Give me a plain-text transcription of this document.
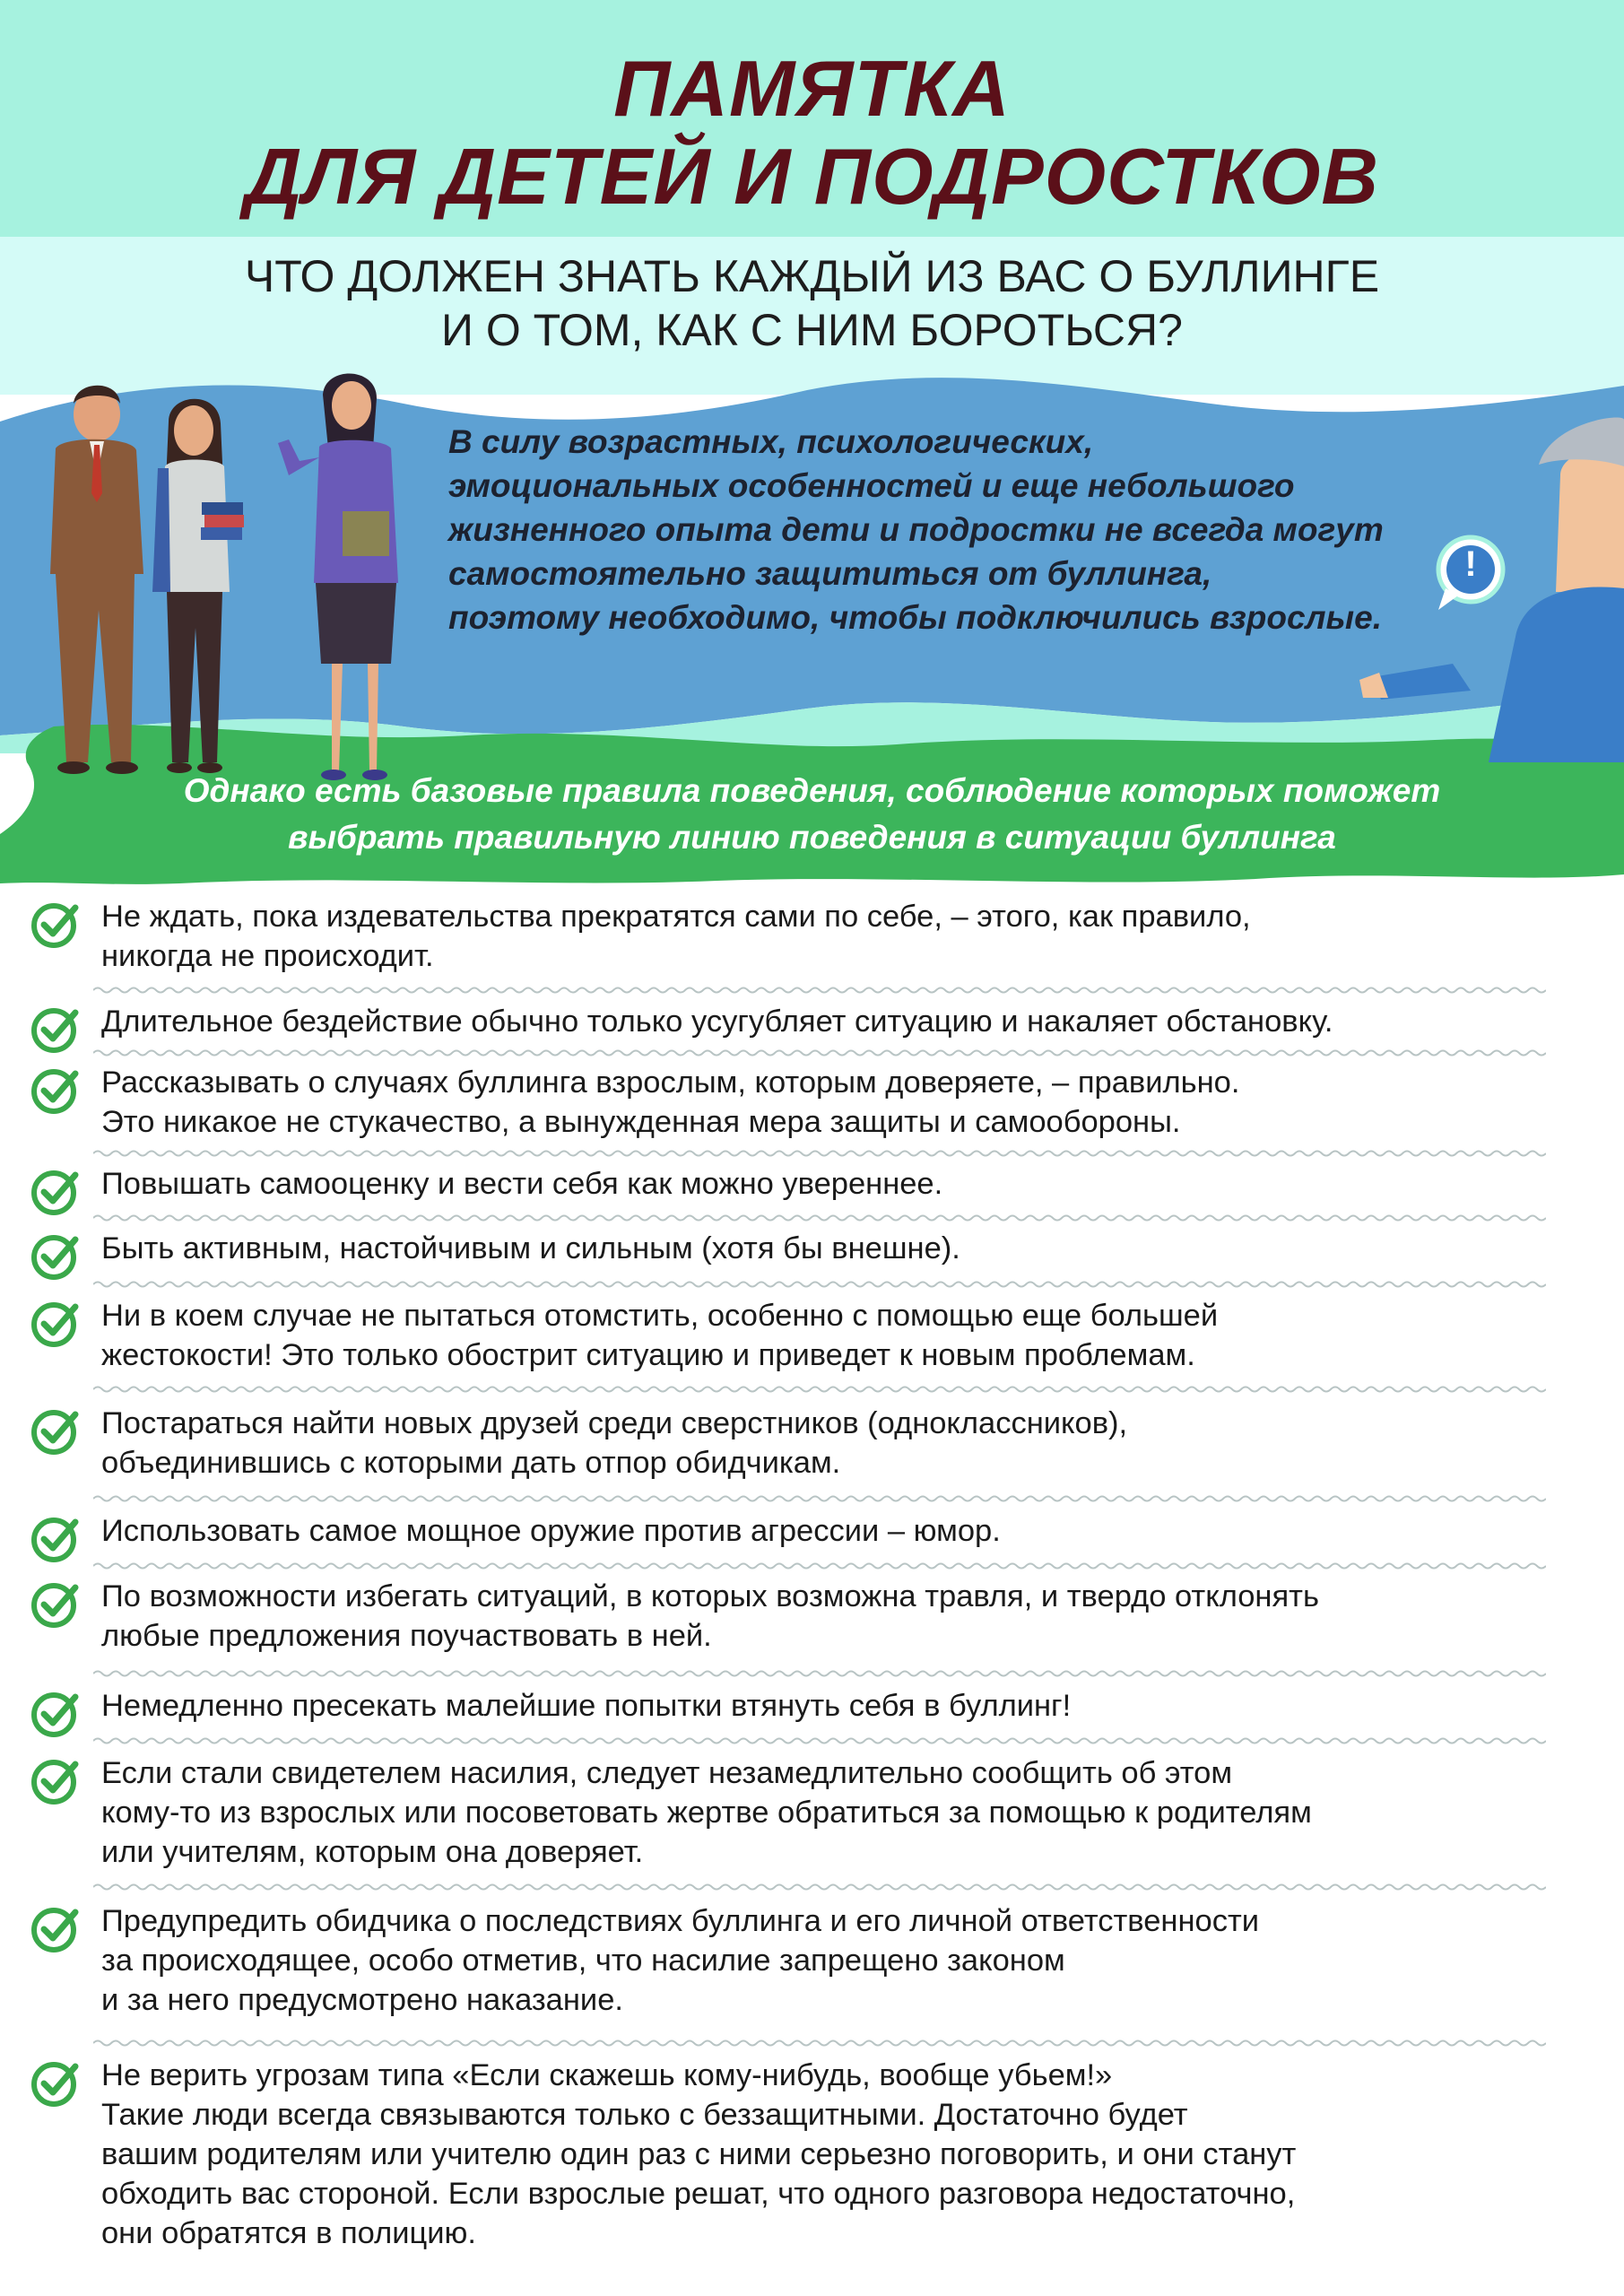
ПАМЯТКА
ДЛЯ ДЕТЕЙ И ПОДРОСТКОВ
ЧТО ДОЛЖЕН ЗНАТЬ КАЖДЫЙ ИЗ ВАС О БУЛЛИНГЕ
И О ТОМ, КАК С НИМ БОРОТЬСЯ?
В силу возрастных, психологических,
эмоциональных особенностей и еще небольшого
жизненного опыта дети и подростки не всегда могут
самостоятельно защититься от буллинга,
поэтому необходимо, чтобы подключились взрослые.
!
Однако есть базовые правила поведения, соблюдение которых поможет
выбрать правильную линию поведения в ситуации буллинга
Не ждать, пока издевательства прекратятся сами по себе, – этого, как правило,
никогда не происходит.
Длительное бездействие обычно только усугубляет ситуацию и накаляет обстановку.
Рассказывать о случаях буллинга взрослым, которым доверяете, – правильно.
Это никакое не стукачество, а вынужденная мера защиты и самообороны.
Повышать самооценку и вести себя как можно увереннее.
Быть активным, настойчивым и сильным (хотя бы внешне).
Ни в коем случае не пытаться отомстить, особенно с помощью еще большей
жестокости! Это только обострит ситуацию и приведет к новым проблемам.
Постараться найти новых друзей среди сверстников (одноклассников),
объединившись с которыми дать отпор обидчикам.
Использовать самое мощное оружие против агрессии – юмор.
По возможности избегать ситуаций, в которых возможна травля, и твердо отклонять
любые предложения поучаствовать в ней.
Немедленно пресекать малейшие попытки втянуть себя в буллинг!
Если стали свидетелем насилия, следует незамедлительно сообщить об этом
кому-то из взрослых или посоветовать жертве обратиться за помощью к родителям
или учителям, которым она доверяет.
Предупредить обидчика о последствиях буллинга и его личной ответственности
за происходящее, особо отметив, что насилие запрещено законом
и за него предусмотрено наказание.
Не верить угрозам типа «Если скажешь кому-нибудь, вообще убьем!»
Такие люди всегда связываются только с беззащитными. Достаточно будет
вашим родителям или учителю один раз с ними серьезно поговорить, и они станут
обходить вас стороной. Если взрослые решат, что одного разговора недостаточно,
они обратятся в полицию.
